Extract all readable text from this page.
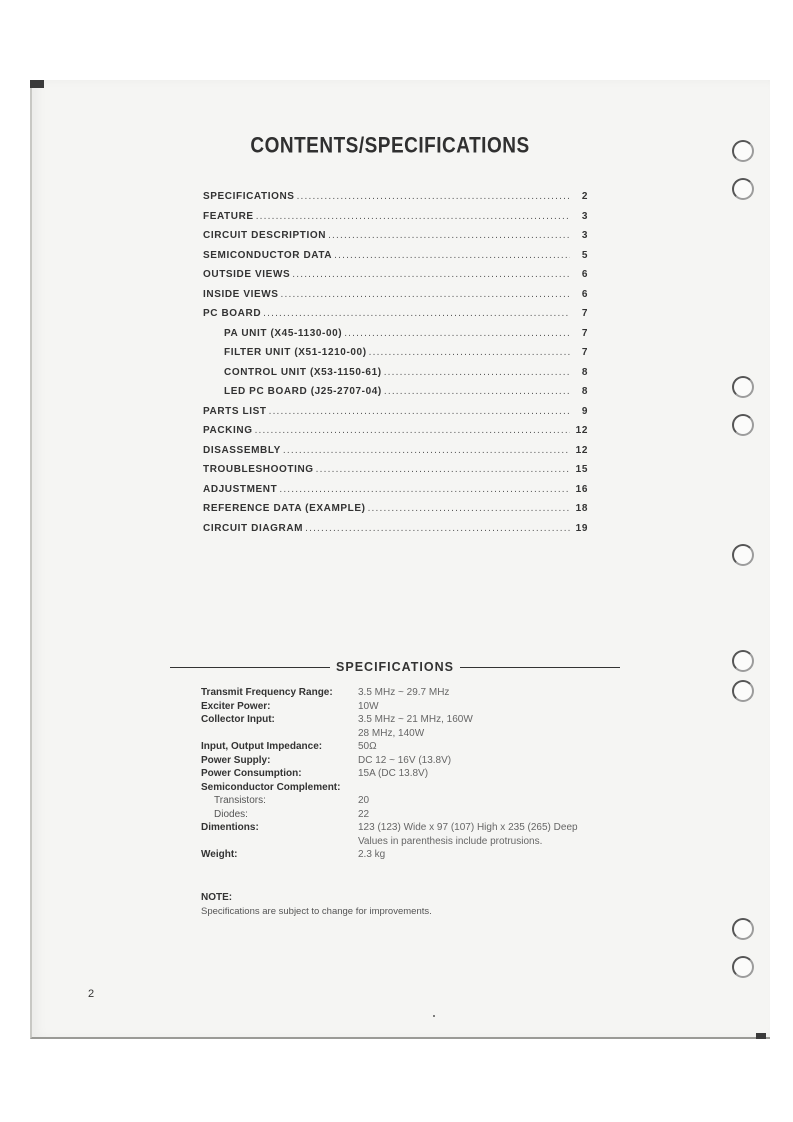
CONTENTS/SPECIFICATIONS
SPECIFICATIONS .....	2
FEATURE .....	3
CIRCUIT DESCRIPTION .....	3
SEMICONDUCTOR DATA .....	5
OUTSIDE VIEWS .....	6
INSIDE VIEWS .....	6
PC BOARD .....	7
PA UNIT (X45-1130-00) .....	7
FILTER UNIT (X51-1210-00) .....	7
CONTROL UNIT (X53-1150-61) .....	8
LED PC BOARD (J25-2707-04) .....	8
PARTS LIST .....	9
PACKING .....	12
DISASSEMBLY .....	12
TROUBLESHOOTING .....	15
ADJUSTMENT .....	16
REFERENCE DATA (EXAMPLE) .....	18
CIRCUIT DIAGRAM .....	19
SPECIFICATIONS
Transmit Frequency Range:	3.5 MHz ~ 29.7 MHz
Exciter Power:	10W
Collector Input:	3.5 MHz ~ 21 MHz, 160W
28 MHz, 140W
Input, Output Impedance:	50Ω
Power Supply:	DC 12 ~ 16V (13.8V)
Power Consumption:	15A (DC 13.8V)
Semiconductor Complement:
Transistors:	20
Diodes:	22
Dimentions:	123 (123) Wide x 97 (107) High x 235 (265) Deep
Values in parenthesis include protrusions.
Weight:	2.3 kg
NOTE:
Specifications are subject to change for improvements.
2
